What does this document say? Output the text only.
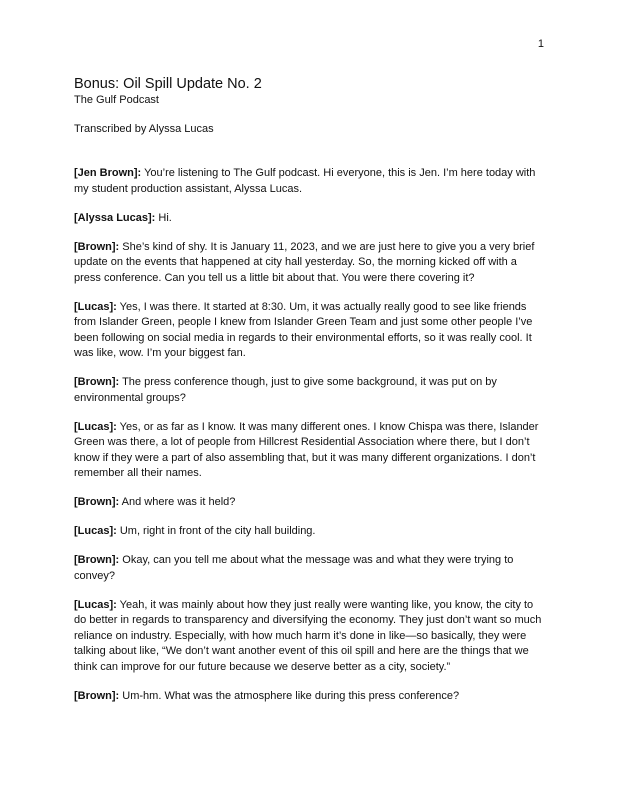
1
Bonus: Oil Spill Update No. 2

The Gulf Podcast

Transcribed by Alyssa Lucas

[Jen Brown]: You’re listening to The Gulf podcast. Hi everyone, this is Jen. I’m here today with my student production assistant, Alyssa Lucas.

[Alyssa Lucas]: Hi.

[Brown]: She’s kind of shy. It is January 11, 2023, and we are just here to give you a very brief update on the events that happened at city hall yesterday. So, the morning kicked off with a press conference. Can you tell us a little bit about that. You were there covering it?

[Lucas]: Yes, I was there. It started at 8:30. Um, it was actually really good to see like friends from Islander Green, people I knew from Islander Green Team and just some other people I’ve been following on social media in regards to their environmental efforts, so it was really cool. It was like, wow. I’m your biggest fan.

[Brown]: The press conference though, just to give some background, it was put on by environmental groups?

[Lucas]: Yes, or as far as I know. It was many different ones. I know Chispa was there, Islander Green was there, a lot of people from Hillcrest Residential Association where there, but I don’t know if they were a part of also assembling that, but it was many different organizations. I don’t remember all their names.

[Brown]: And where was it held?

[Lucas]: Um, right in front of the city hall building.

[Brown]: Okay, can you tell me about what the message was and what they were trying to convey?

[Lucas]: Yeah, it was mainly about how they just really were wanting like, you know, the city to do better in regards to transparency and diversifying the economy. They just don’t want so much reliance on industry. Especially, with how much harm it’s done in like—so basically, they were talking about like, “We don’t want another event of this oil spill and here are the things that we think can improve for our future because we deserve better as a city, society.”

[Brown]: Um-hm. What was the atmosphere like during this press conference?
